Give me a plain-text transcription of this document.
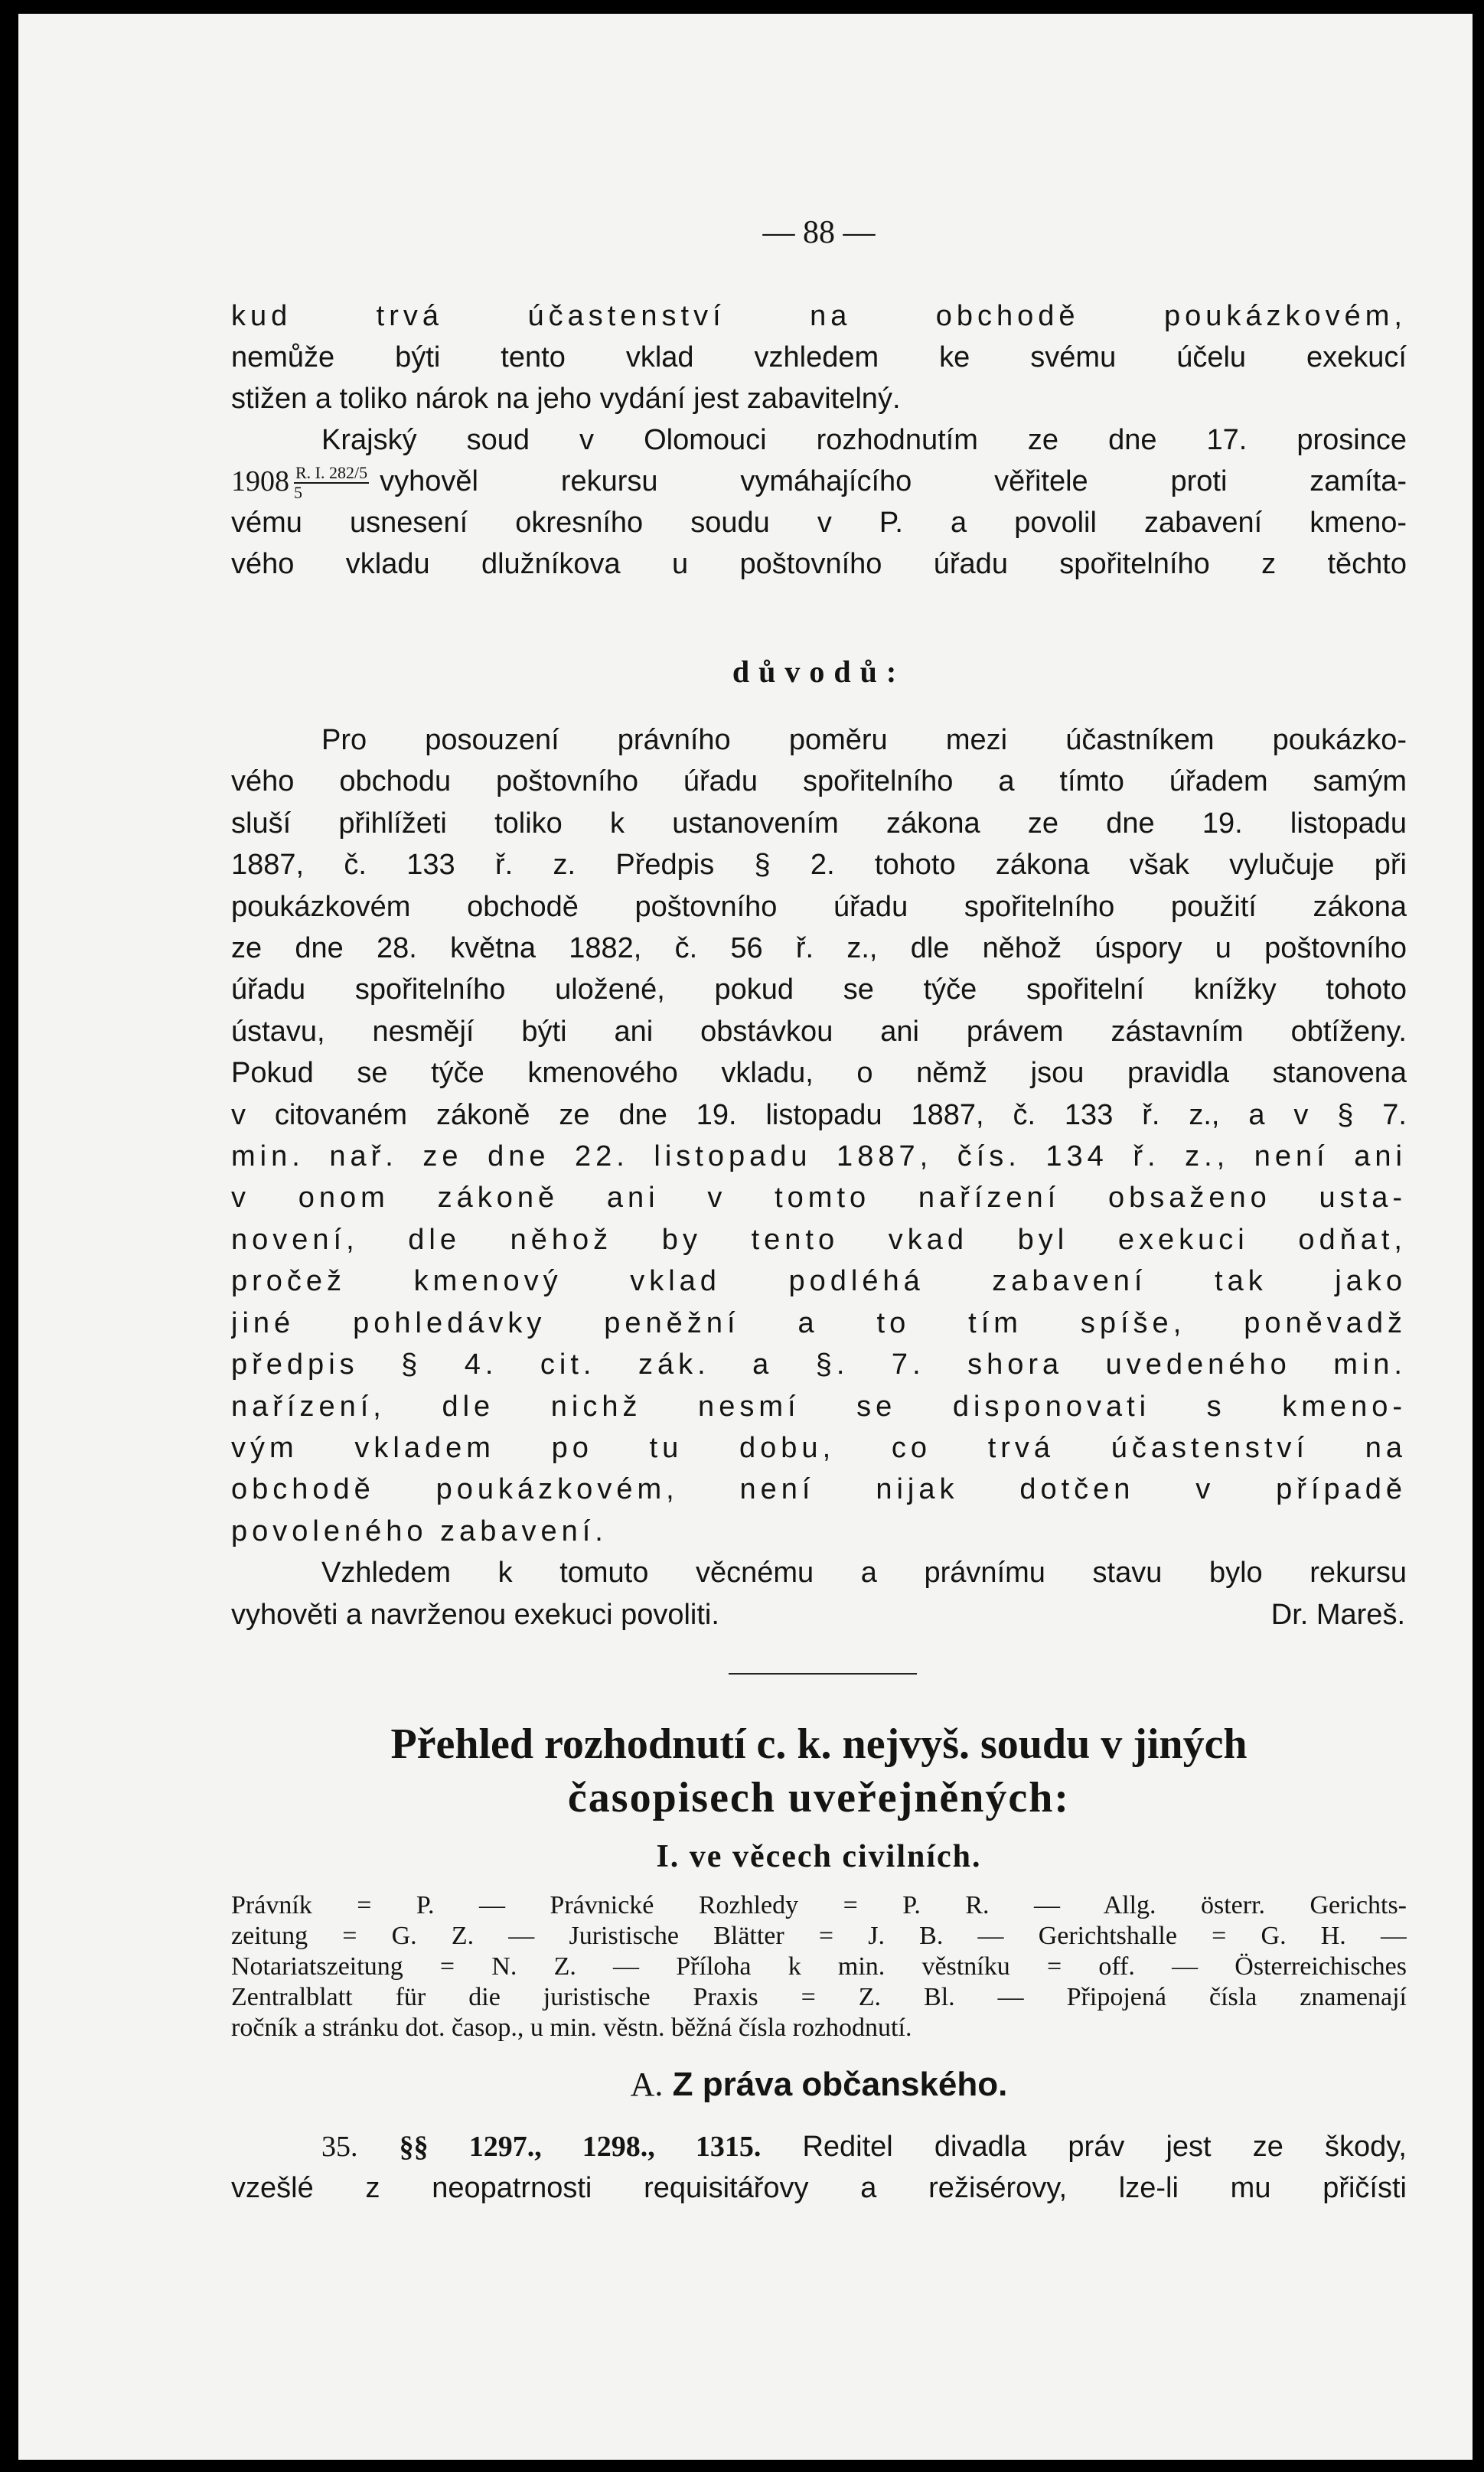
— 88 —
kud trvá účastenství na obchodě poukázkovém,
nemůže býti tento vklad vzhledem ke svému účelu exekucí
stižen a toliko nárok na jeho vydání jest zabavitelný.
Krajský soud v Olomouci rozhodnutím ze dne 17. prosince
$1908 \frac{R. I. 282/5}{5}$ vyhověl rekursu vymáhajícího věřitele proti zamíta-
vému usnesení okresního soudu v P. a povolil zabavení kmeno-
vého vkladu dlužníkova u poštovního úřadu spořitelního z těchto
důvodů:
Pro posouzení právního poměru mezi účastníkem poukázko-
vého obchodu poštovního úřadu spořitelního a tímto úřadem samým
sluší přihlížeti toliko k ustanovením zákona ze dne 19. listopadu
1887, č. 133 ř. z. Předpis § 2. tohoto zákona však vylučuje při
poukázkovém obchodě poštovního úřadu spořitelního použití zákona
ze dne 28. května 1882, č. 56 ř. z., dle něhož úspory u poštovního
úřadu spořitelního uložené, pokud se týče spořitelní knížky tohoto
ústavu, nesmějí býti ani obstávkou ani právem zástavním obtíženy.
Pokud se týče kmenového vkladu, o němž jsou pravidla stanovena
v citovaném zákoně ze dne 19. listopadu 1887, č. 133 ř. z., a v § 7.
min. nař. ze dne 22. listopadu 1887, čís. 134 ř. z., není ani
v onom zákoně ani v tomto nařízení obsaženo usta-
novení, dle něhož by tento vkad byl exekuci odňat,
pročež kmenový vklad podléhá zabavení tak jako
jiné pohledávky peněžní a to tím spíše, poněvadž
předpis § 4. cit. zák. a §. 7. shora uvedeného min.
nařízení, dle nichž nesmí se disponovati s kmeno-
vým vkladem po tu dobu, co trvá účastenství na
obchodě poukázkovém, není nijak dotčen v případě
povoleného zabavení.
Vzhledem k tomuto věcnému a právnímu stavu bylo rekursu
vyhověti a navrženou exekuci povoliti.	Dr. Mareš.
Přehled rozhodnutí c. k. nejvyš. soudu v jiných
časopisech uveřejněných:
I. ve věcech civilních.
Právník = P. — Právnické Rozhledy = P. R. — Allg. österr. Gerichts-
zeitung = G. Z. — Juristische Blätter = J. B. — Gerichtshalle = G. H. —
Notariatszeitung = N. Z. — Příloha k min. věstníku = off. — Österreichisches
Zentralblatt für die juristische Praxis = Z. Bl. — Připojená čísla znamenají
ročník a stránku dot. časop., u min. věstn. běžná čísla rozhodnutí.
A. Z práva občanského.
35. §§ 1297., 1298., 1315. Reditel divadla práv jest ze škody,
vzešlé z neopatrnosti requisitářovy a režisérovy, lze-li mu přičísti
